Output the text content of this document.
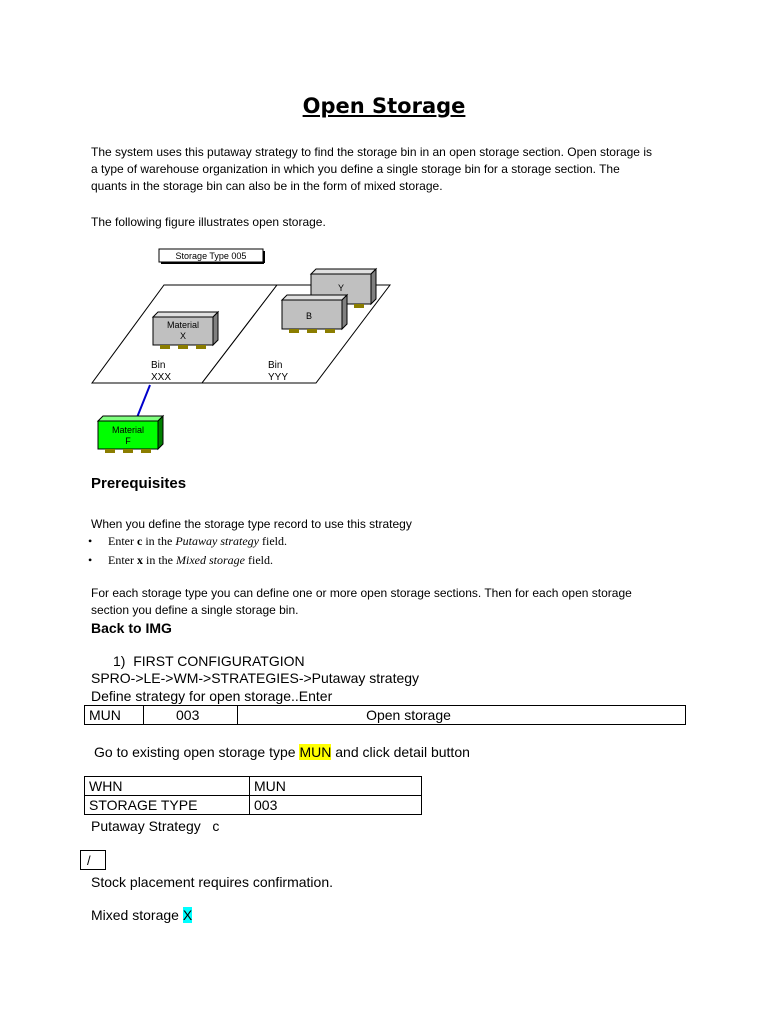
Open Storage
The system uses this putaway strategy to find the storage bin in an open storage section. Open storage is
a type of warehouse organization in which you define a single storage bin for a storage section. The
quants in the storage bin can also be in the form of mixed storage.
The following figure illustrates open storage.
Storage Type 005
Y
B
Material
X
Bin
XXX
Bin
YYY
Material
F
Prerequisites
When you define the storage type record to use this strategy
• Enter c in the Putaway strategy field.
• Enter x in the Mixed storage field.
For each storage type you can define one or more open storage sections. Then for each open storage
section you define a single storage bin.
Back to IMG
1)  FIRST CONFIGURATGION
SPRO->LE->WM->STRATEGIES->Putaway strategy
Define strategy for open storage..Enter
MUN	003	Open storage
Go to existing open storage type MUN and click detail button
WHN	MUN
STORAGE TYPE	003
Putaway Strategy   c
/
Stock placement requires confirmation.
Mixed storage X
